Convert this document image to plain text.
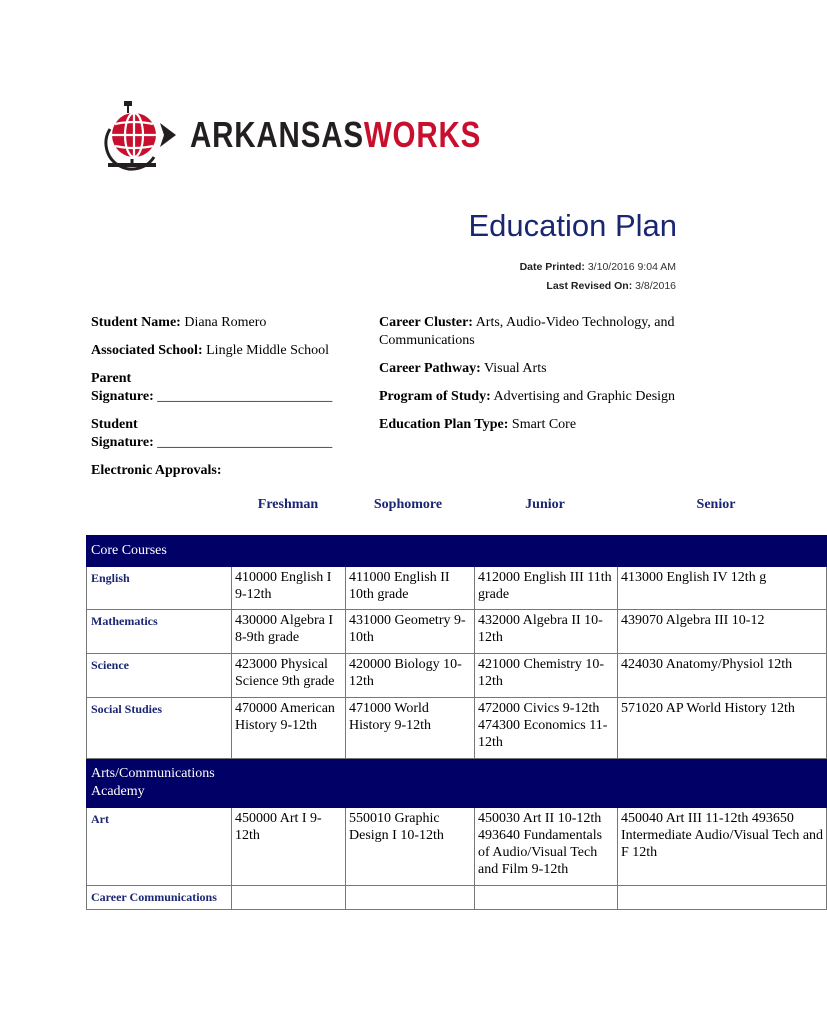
ARKANSASWORKS
Education Plan
Date Printed: 3/10/2016 9:04 AM
Last Revised On: 3/8/2016

Student Name: Diana Romero

Associated School: Lingle Middle School

Parent
Signature: _________________________

Student
Signature: _________________________

Electronic Approvals:

Career Cluster: Arts, Audio-Video Technology, and Communications

Career Pathway: Visual Arts

Program of Study: Advertising and Graphic Design

Education Plan Type: Smart Core

Freshman	Sophomore	Junior	Senior
Core Courses				
English	410000 English I 9-12th	411000 English II 10th grade	412000 English III 11th grade	413000 English IV 12th g
Mathematics	430000 Algebra I 8-9th grade	431000 Geometry 9-10th	432000 Algebra II 10-12th	439070 Algebra III 10-12
Science	423000 Physical Science 9th grade	420000 Biology 10-12th	421000 Chemistry 10-12th	424030 Anatomy/Physiol 12th
Social Studies	470000 American History 9-12th	471000 World History 9-12th	472000 Civics 9-12th 474300 Economics 11-12th	571020 AP World History 12th

Arts/Communications Academy				

Art	450000 Art I 9-12th	550010 Graphic Design I 10-12th	450030 Art II 10-12th 493640 Fundamentals of Audio/Visual Tech and Film 9-12th	450040 Art III 11-12th 493650 Intermediate Audio/Visual Tech and F 12th
Career Communications				
